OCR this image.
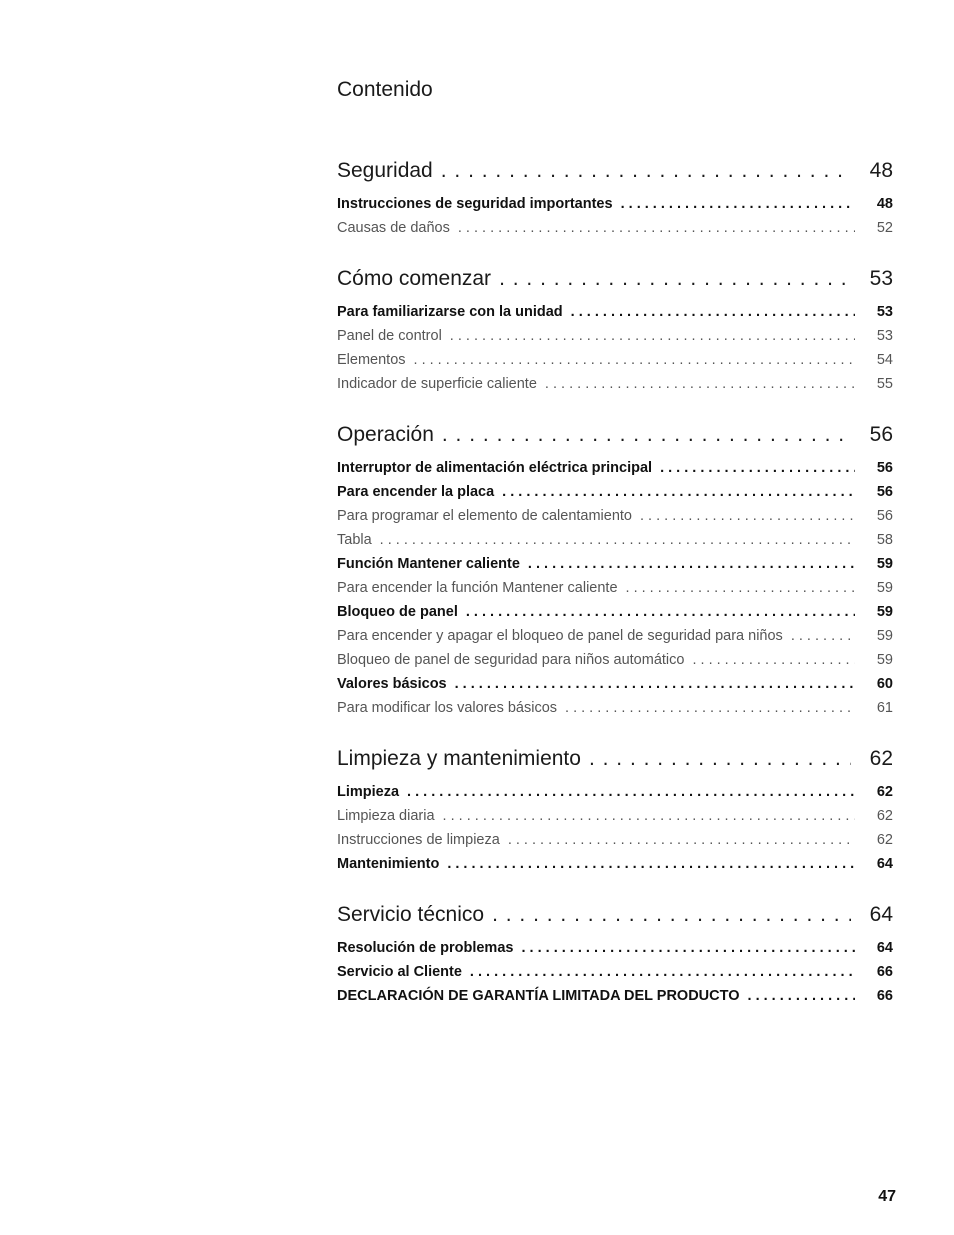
Contenido
Seguridad . . .	48
Instrucciones de seguridad importantes . . .	48
Causas de daños . . .	52
Cómo comenzar . . .	53
Para familiarizarse con la unidad . . .	53
Panel de control . . .	53
Elementos . . .	54
Indicador de superficie caliente . . .	55
Operación . . .	56
Interruptor de alimentación eléctrica principal . . .	56
Para encender la placa . . .	56
Para programar el elemento de calentamiento . . .	56
Tabla . . .	58
Función Mantener caliente . . .	59
Para encender la función Mantener caliente . . .	59
Bloqueo de panel . . .	59
Para encender y apagar el bloqueo de panel de seguridad para niños . . .	59
Bloqueo de panel de seguridad para niños automático . . .	59
Valores básicos . . .	60
Para modificar los valores básicos . . .	61
Limpieza y mantenimiento . . .	62
Limpieza . . .	62
Limpieza diaria . . .	62
Instrucciones de limpieza . . .	62
Mantenimiento . . .	64
Servicio técnico . . .	64
Resolución de problemas . . .	64
Servicio al Cliente . . .	66
DECLARACIÓN DE GARANTÍA LIMITADA DEL PRODUCTO . . .	66
47
